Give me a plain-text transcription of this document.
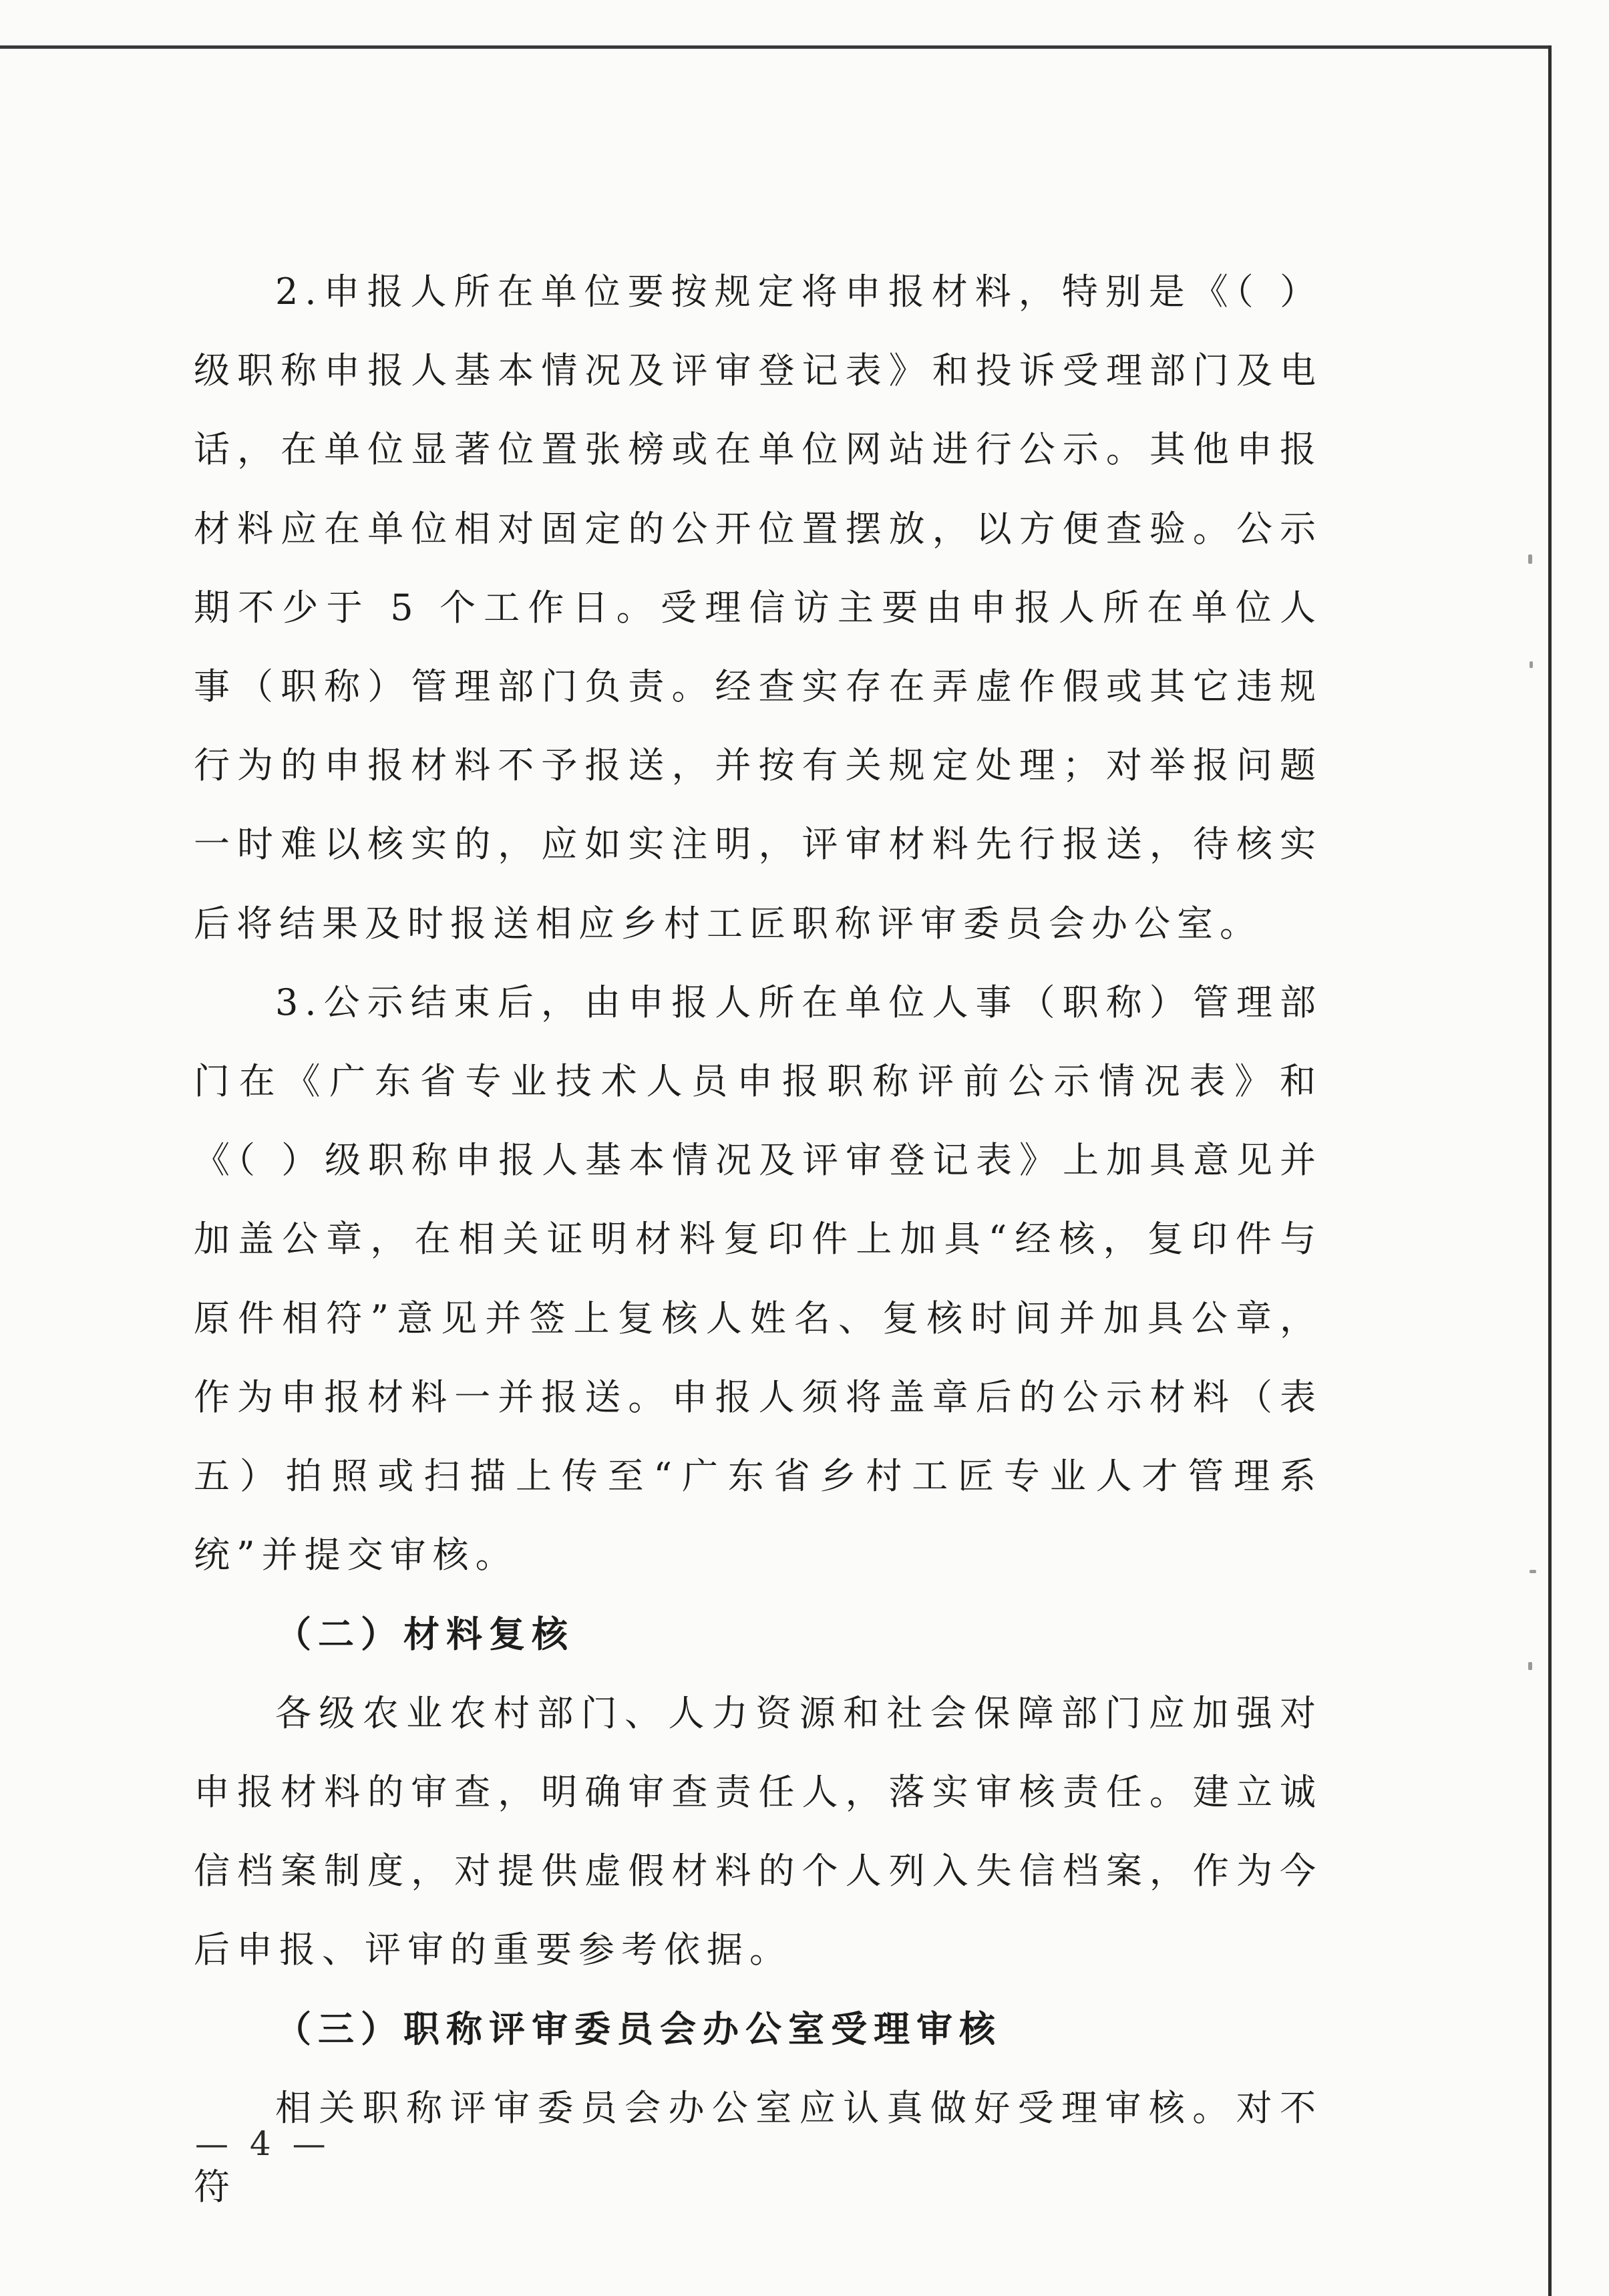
2.申报人所在单位要按规定将申报材料，特别是《（ ）级职称申报人基本情况及评审登记表》和投诉受理部门及电话，在单位显著位置张榜或在单位网站进行公示。其他申报材料应在单位相对固定的公开位置摆放，以方便查验。公示期不少于 5 个工作日。受理信访主要由申报人所在单位人事（职称）管理部门负责。经查实存在弄虚作假或其它违规行为的申报材料不予报送，并按有关规定处理；对举报问题一时难以核实的，应如实注明，评审材料先行报送，待核实后将结果及时报送相应乡村工匠职称评审委员会办公室。

3.公示结束后，由申报人所在单位人事（职称）管理部门在《广东省专业技术人员申报职称评前公示情况表》和《（ ）级职称申报人基本情况及评审登记表》上加具意见并加盖公章，在相关证明材料复印件上加具“经核，复印件与原件相符”意见并签上复核人姓名、复核时间并加具公章，作为申报材料一并报送。申报人须将盖章后的公示材料（表五）拍照或扫描上传至“广东省乡村工匠专业人才管理系统”并提交审核。

（二）材料复核

各级农业农村部门、人力资源和社会保障部门应加强对申报材料的审查，明确审查责任人，落实审核责任。建立诚信档案制度，对提供虚假材料的个人列入失信档案，作为今后申报、评审的重要参考依据。

（三）职称评审委员会办公室受理审核

相关职称评审委员会办公室应认真做好受理审核。对不符

— 4 —
